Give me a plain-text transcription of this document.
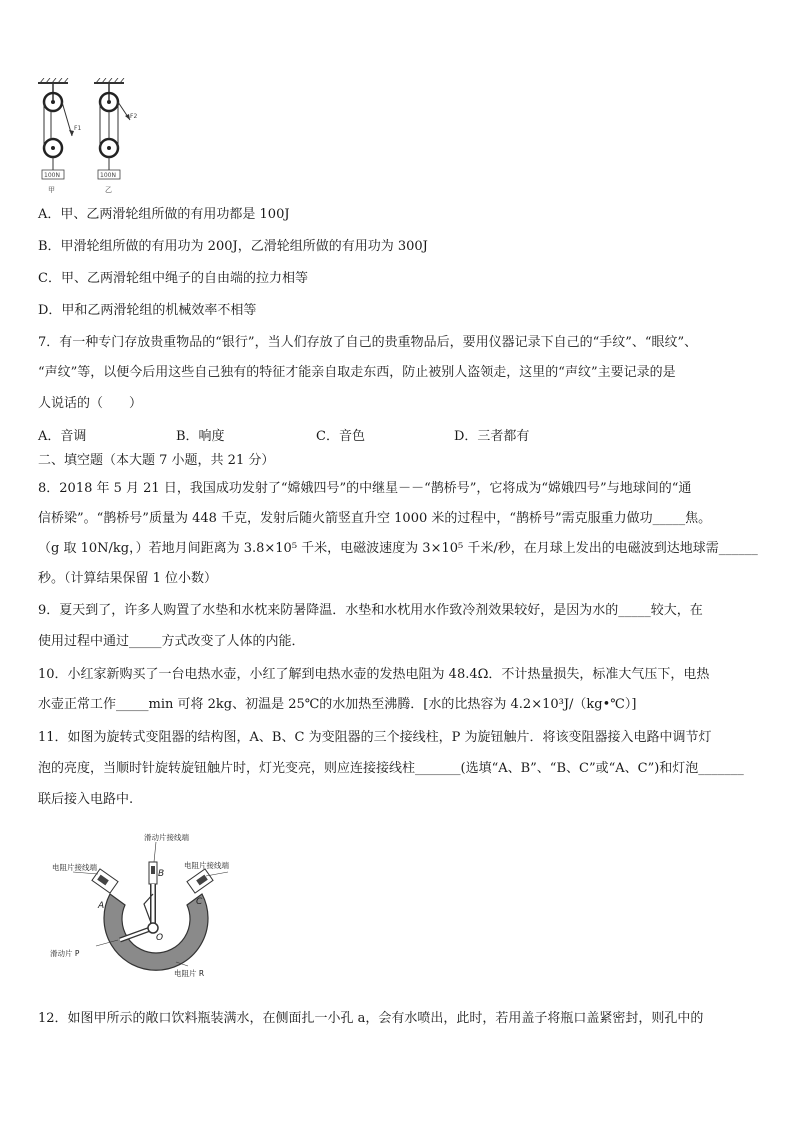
F1
100N
甲
F2
100N
乙
A．甲、乙两滑轮组所做的有用功都是 100J
B．甲滑轮组所做的有用功为 200J，乙滑轮组所做的有用功为 300J
C．甲、乙两滑轮组中绳子的自由端的拉力相等
D．甲和乙两滑轮组的机械效率不相等
7．有一种专门存放贵重物品的“银行”，当人们存放了自己的贵重物品后，要用仪器记录下自己的“手纹”、“眼纹”、
“声纹”等，以便今后用这些自己独有的特征才能亲自取走东西，防止被别人盗领走，这里的“声纹”主要记录的是
人说话的（　　）
A．音调	B．响度	C．音色	D．三者都有
二、填空题（本大题 7 小题，共 21 分）
8．2018 年 5 月 21 日，我国成功发射了“嫦娥四号”的中继星－－“鹊桥号”，它将成为“嫦娥四号”与地球间的“通
信桥梁”。“鹊桥号”质量为 448 千克，发射后随火箭竖直升空 1000 米的过程中，“鹊桥号”需克服重力做功_____焦。
（g 取 10N/kg，）若地月间距离为 3.8×10⁵ 千米，电磁波速度为 3×10⁵ 千米/秒，在月球上发出的电磁波到达地球需______
秒。（计算结果保留 1 位小数）
9．夏天到了，许多人购置了水垫和水枕来防暑降温．水垫和水枕用水作致冷剂效果较好，是因为水的_____较大，在
使用过程中通过_____方式改变了人体的内能．
10．小红家新购买了一台电热水壶，小红了解到电热水壶的发热电阻为 48.4Ω．不计热量损失，标准大气压下，电热
水壶正常工作_____min 可将 2kg、初温是 25℃的水加热至沸腾．[水的比热容为 4.2×10³J/（kg•℃）]
11．如图为旋转式变阻器的结构图，A、B、C 为变阻器的三个接线柱，P 为旋钮触片．将该变阻器接入电路中调节灯
泡的亮度，当顺时针旋转旋钮触片时，灯光变亮，则应连接接线柱_______(选填“A、B”、“B、C”或“A、C”)和灯泡_______
联后接入电路中.
滑动片接线端
电阻片接线端	电阻片接线端
A
B
C
O
滑动片 P
电阻片 R
12．如图甲所示的敞口饮料瓶装满水，在侧面扎一小孔 a，会有水喷出，此时，若用盖子将瓶口盖紧密封，则孔中的
